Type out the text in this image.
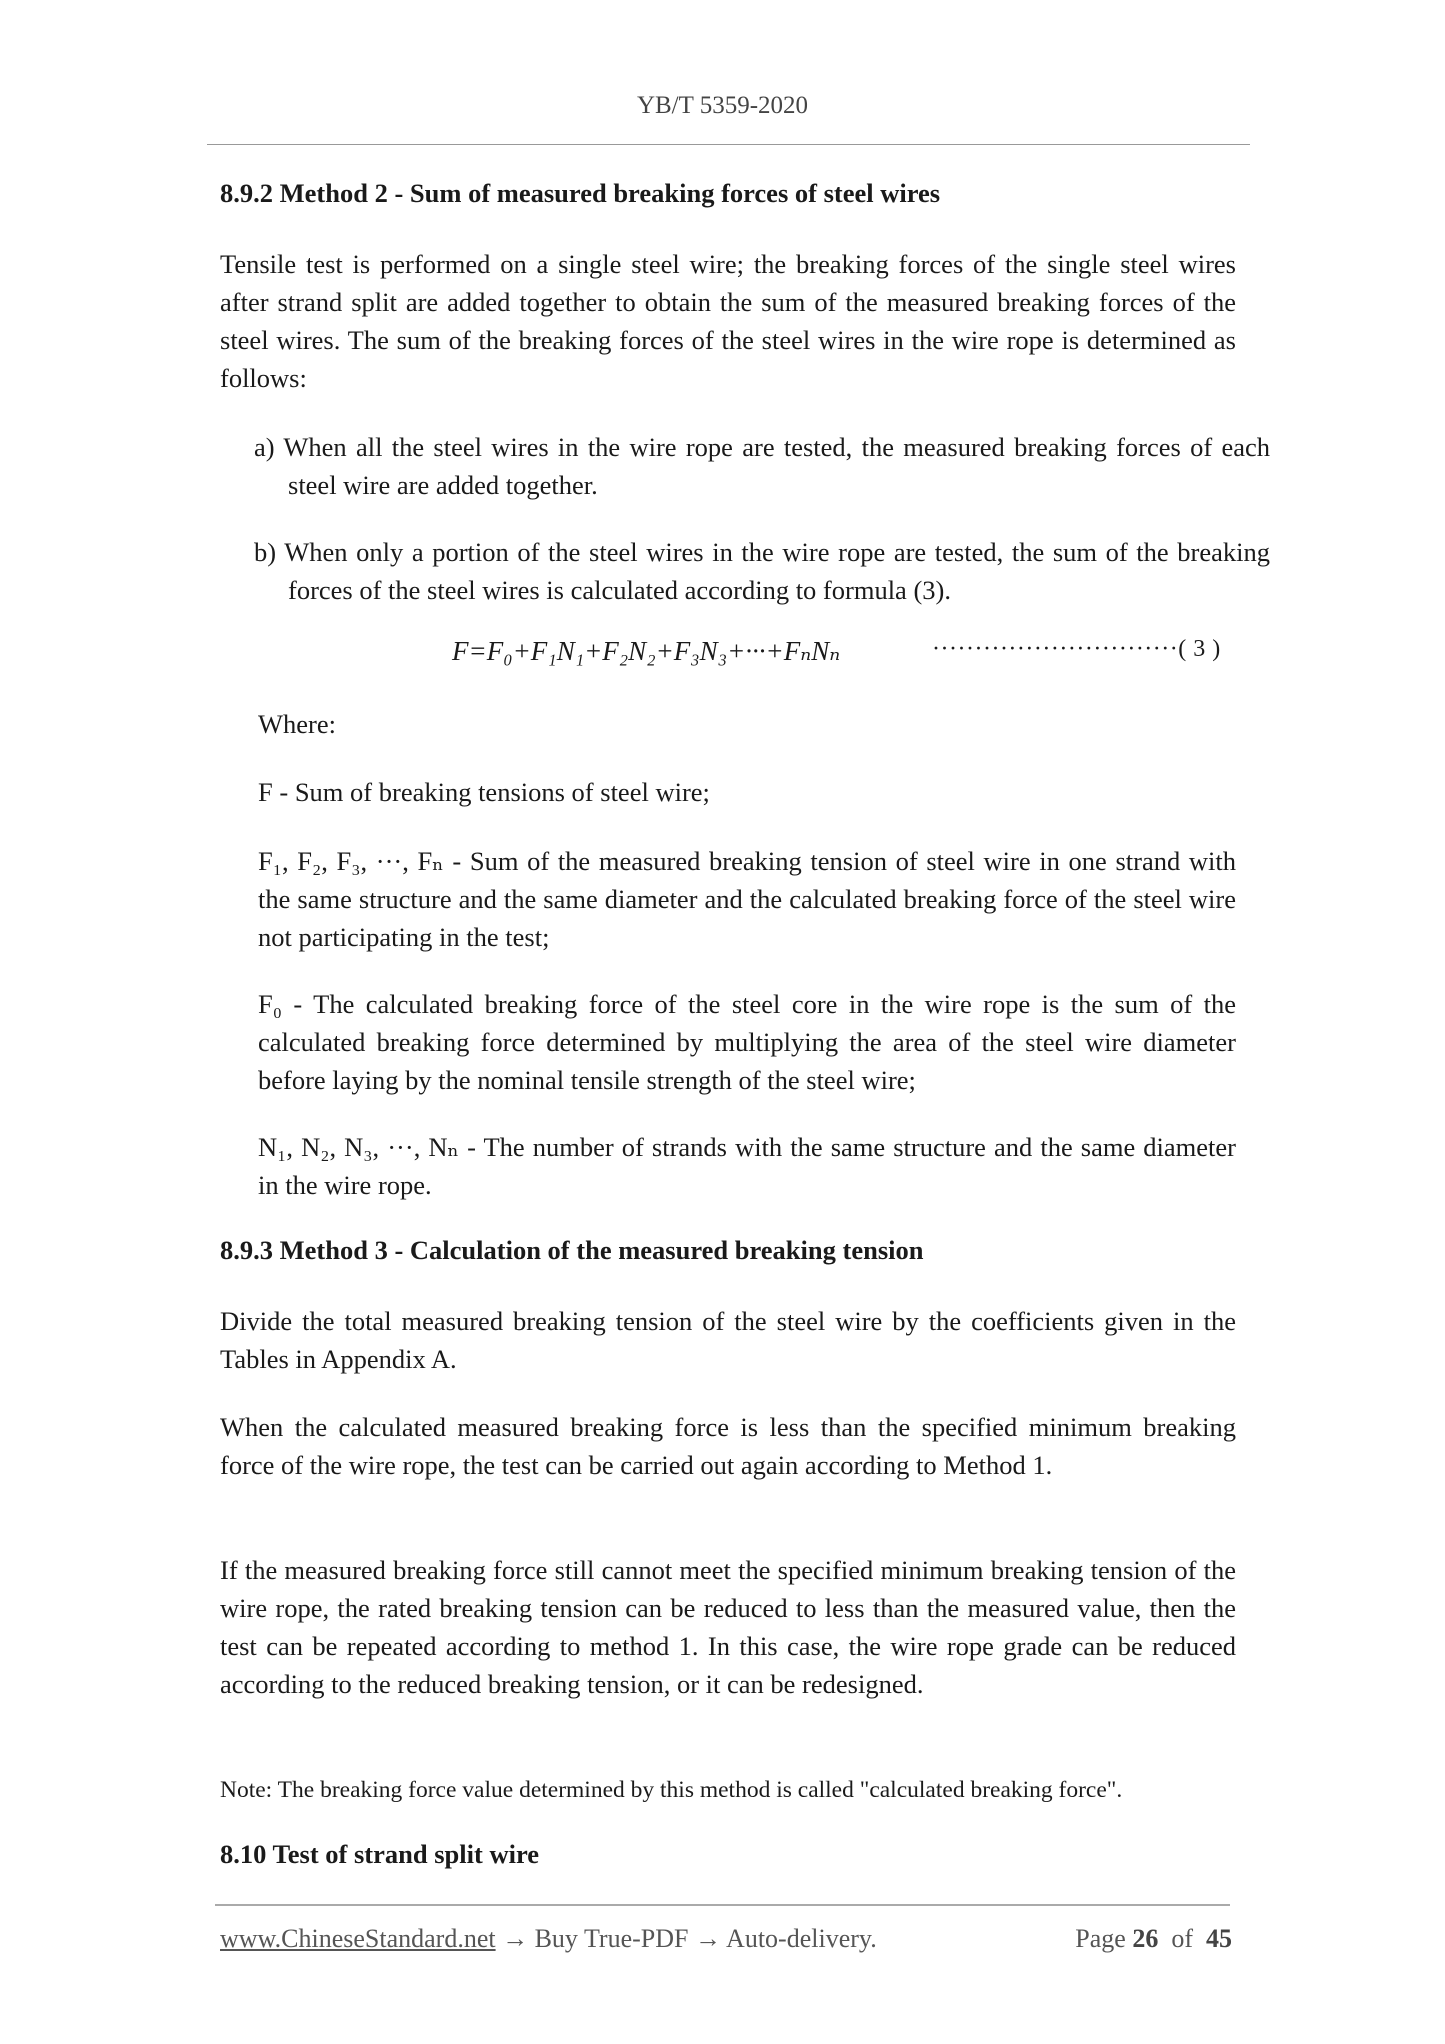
YB/T 5359-2020
8.9.2 Method 2 - Sum of measured breaking forces of steel wires
Tensile test is performed on a single steel wire; the breaking forces of the single steel wires after strand split are added together to obtain the sum of the measured breaking forces of the steel wires. The sum of the breaking forces of the steel wires in the wire rope is determined as follows:
a) When all the steel wires in the wire rope are tested, the measured breaking forces of each steel wire are added together.
b) When only a portion of the steel wires in the wire rope are tested, the sum of the breaking forces of the steel wires is calculated according to formula (3).
F=F₀+F₁N₁+F₂N₂+F₃N₃+···+FₙNₙ	·····························( 3 )
Where:
F - Sum of breaking tensions of steel wire;
F₁, F₂, F₃, ···, Fₙ - Sum of the measured breaking tension of steel wire in one strand with the same structure and the same diameter and the calculated breaking force of the steel wire not participating in the test;
F₀ - The calculated breaking force of the steel core in the wire rope is the sum of the calculated breaking force determined by multiplying the area of the steel wire diameter before laying by the nominal tensile strength of the steel wire;
N₁, N₂, N₃, ···, Nₙ - The number of strands with the same structure and the same diameter in the wire rope.
8.9.3 Method 3 - Calculation of the measured breaking tension
Divide the total measured breaking tension of the steel wire by the coefficients given in the Tables in Appendix A.
When the calculated measured breaking force is less than the specified minimum breaking force of the wire rope, the test can be carried out again according to Method 1.
If the measured breaking force still cannot meet the specified minimum breaking tension of the wire rope, the rated breaking tension can be reduced to less than the measured value, then the test can be repeated according to method 1. In this case, the wire rope grade can be reduced according to the reduced breaking tension, or it can be redesigned.
Note: The breaking force value determined by this method is called "calculated breaking force".
8.10 Test of strand split wire
www.ChineseStandard.net → Buy True-PDF → Auto-delivery.	Page 26 of 45
